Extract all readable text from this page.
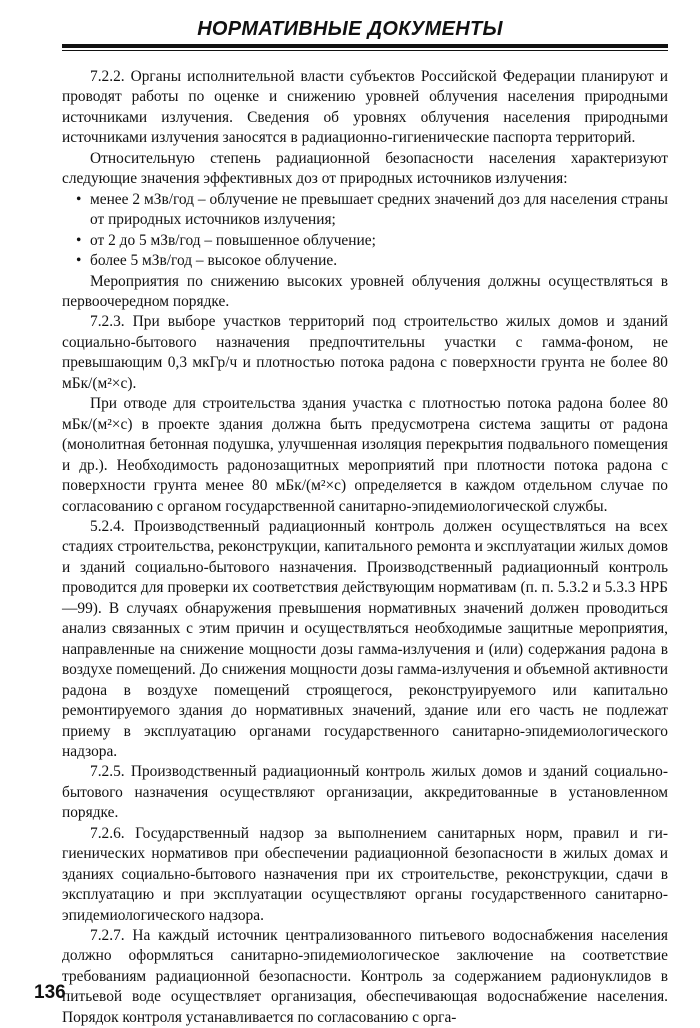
НОРМАТИВНЫЕ ДОКУМЕНТЫ

7.2.2. Органы исполнительной власти субъектов Российской Федерации планируют и проводят работы по оценке и снижению уровней облучения населения природными источниками излучения. Сведения об уровнях облучения населения природными источниками излучения заносятся в радиационно-гигиенические паспорта территорий.

Относительную степень радиационной безопасности населения характеризуют следующие значения эффективных доз от природных источников излучения:

• менее 2 мЗв/год – облучение не превышает средних значений доз для населения страны от природных источников излучения;
• от 2 до 5 мЗв/год – повышенное облучение;
• более 5 мЗв/год – высокое облучение.

Мероприятия по снижению высоких уровней облучения должны осуществляться в первоочередном порядке.

7.2.3. При выборе участков территорий под строительство жилых домов и зданий социально-бытового назначения предпочтительны участки с гамма-фоном, не превышающим 0,3 мкГр/ч и плотностью потока радона с поверхности грунта не более 80 мБк/(м²×с).

При отводе для строительства здания участка с плотностью потока радона более 80 мБк/(м²×с) в проекте здания должна быть предусмотрена система защиты от радона (монолитная бетонная подушка, улучшенная изоляция перекрытия подвального помещения и др.). Необходимость радонозащитных мероприятий при плотности потока радона с поверхности грунта менее 80 мБк/(м²×с) определяется в каждом отдельном случае по согласованию с органом государственной санитарно-эпидемиологической службы.

5.2.4. Производственный радиационный контроль должен осуществляться на всех стадиях строительства, реконструкции, капитального ремонта и эксплуатации жилых домов и зданий социально-бытового назначения. Производственный радиационный контроль проводится для проверки их соответствия действующим нормативам (п. п. 5.3.2 и 5.3.3 НРБ—99). В случаях обнаружения превышения нормативных значений должен проводиться анализ связанных с этим причин и осуществляться необходимые защитные мероприятия, направленные на снижение мощности дозы гамма-излучения и (или) содержания радона в воздухе помещений. До снижения мощности дозы гамма-излучения и объемной активности радона в воздухе помещений строящегося, реконструируемого или капитально ремонтируемого здания до нормативных значений, здание или его часть не подлежат приему в эксплуатацию органами государственного санитарно-эпидемиологического надзора.

7.2.5. Производственный радиационный контроль жилых домов и зданий социально-бытового назначения осуществляют организации, аккредитованные в установленном порядке.

7.2.6. Государственный надзор за выполнением санитарных норм, правил и гигиенических нормативов при обеспечении радиационной безопасности в жилых домах и зданиях социально-бытового назначения при их строительстве, реконструкции, сдачи в эксплуатацию и при эксплуатации осуществляют органы государственного санитарно-эпидемиологического надзора.

7.2.7. На каждый источник централизованного питьевого водоснабжения населения должно оформляться санитарно-эпидемиологическое заключение на соответствие требованиям радиационной безопасности. Контроль за содержанием радионуклидов в питьевой воде осуществляет организация, обеспечивающая водоснабжение населения. Порядок контроля устанавливается по согласованию с орга-

136
